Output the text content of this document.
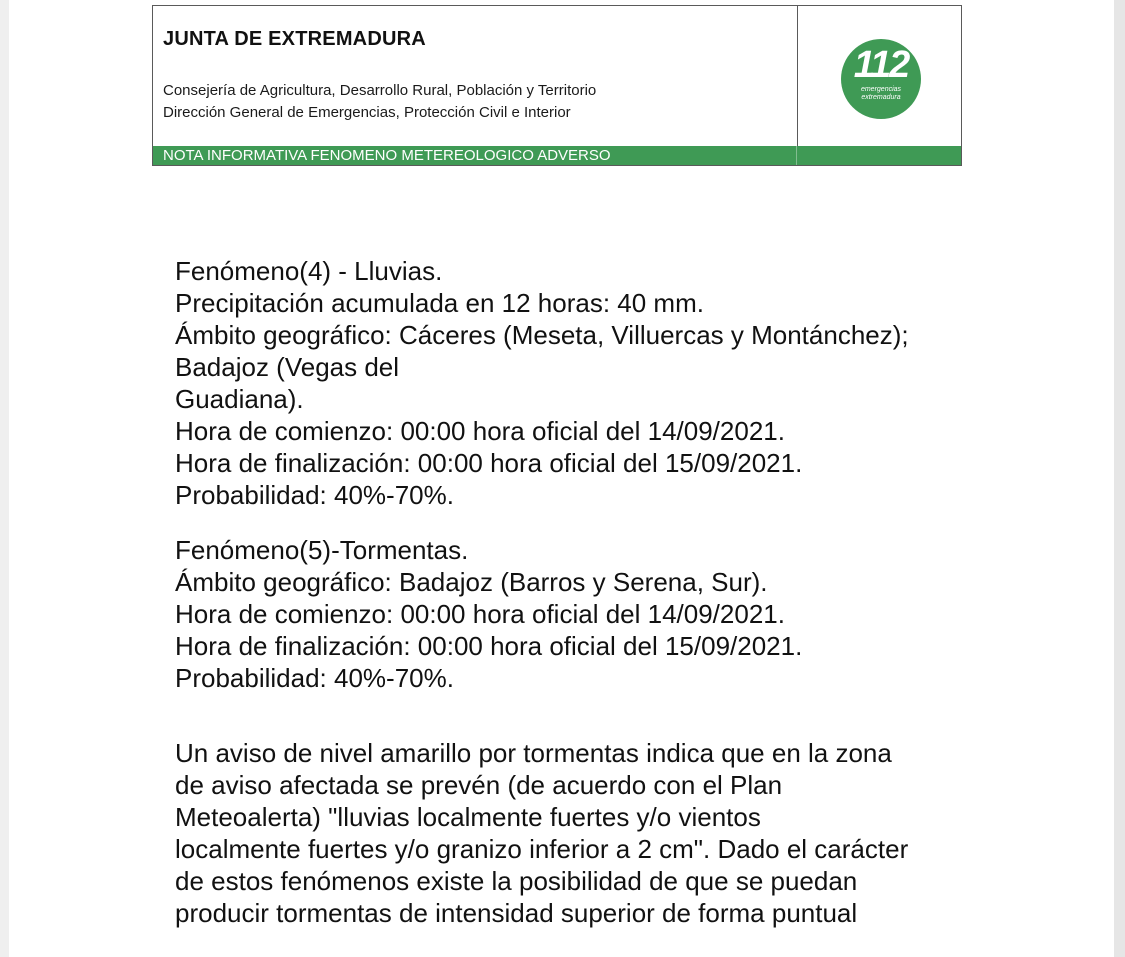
JUNTA DE EXTREMADURA
Consejería de Agricultura, Desarrollo Rural, Población y Territorio
Dirección General de Emergencias, Protección Civil e Interior
112
emergencias
extremadura
NOTA INFORMATIVA FENOMENO METEREOLOGICO ADVERSO
Fenómeno(4) - Lluvias.
Precipitación acumulada en 12 horas: 40 mm.
Ámbito geográfico: Cáceres (Meseta, Villuercas y Montánchez);
Badajoz (Vegas del
Guadiana).
Hora de comienzo: 00:00 hora oficial del 14/09/2021.
Hora de finalización: 00:00 hora oficial del 15/09/2021.
Probabilidad: 40%-70%.
Fenómeno(5)-Tormentas.
Ámbito geográfico: Badajoz (Barros y Serena, Sur).
Hora de comienzo: 00:00 hora oficial del 14/09/2021.
Hora de finalización: 00:00 hora oficial del 15/09/2021.
Probabilidad: 40%-70%.
Un aviso de nivel amarillo por tormentas indica que en la zona
de aviso afectada se prevén (de acuerdo con el Plan
Meteoalerta) "lluvias localmente fuertes y/o vientos
localmente fuertes y/o granizo inferior a 2 cm". Dado el carácter
de estos fenómenos existe la posibilidad de que se puedan
producir tormentas de intensidad superior de forma puntual
